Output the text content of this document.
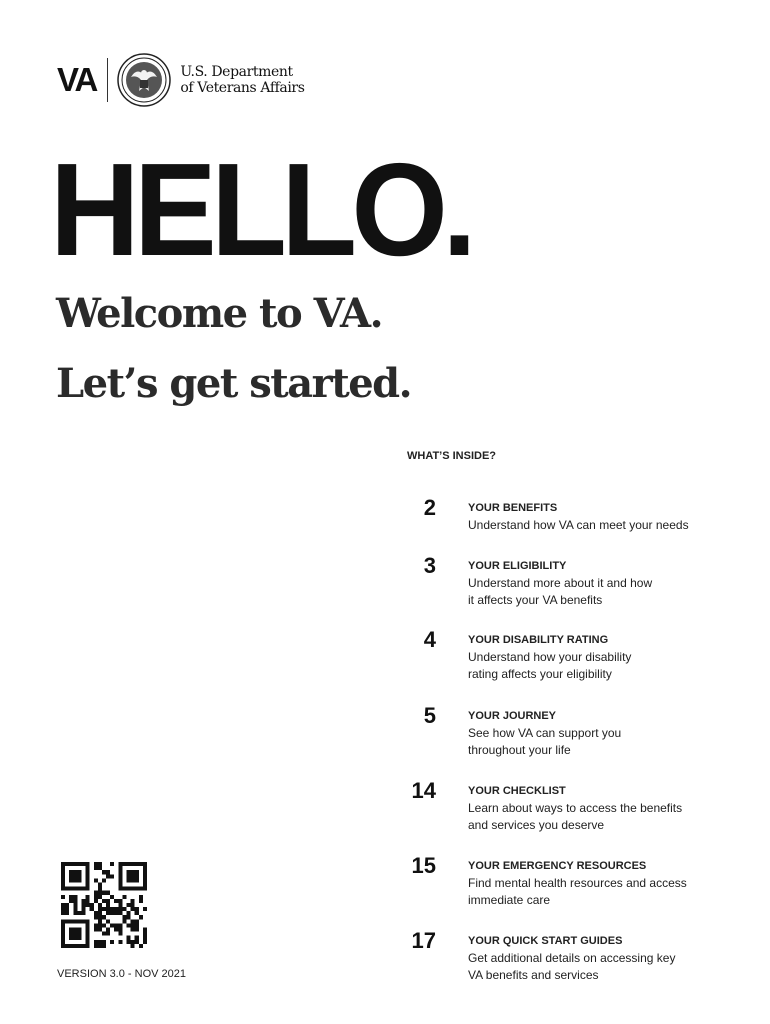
VA	U.S. Department
of Veterans Affairs
HELLO.
Welcome to VA.
Let’s get started.
WHAT’S INSIDE?
2	YOUR BENEFITS
Understand how VA can meet your needs
3	YOUR ELIGIBILITY
Understand more about it and how
it affects your VA benefits
4	YOUR DISABILITY RATING
Understand how your disability
rating affects your eligibility
5	YOUR JOURNEY
See how VA can support you
throughout your life
14	YOUR CHECKLIST
Learn about ways to access the benefits
and services you deserve
15	YOUR EMERGENCY RESOURCES
Find mental health resources and access
immediate care
17	YOUR QUICK START GUIDES
Get additional details on accessing key
VA benefits and services
VERSION 3.0 - NOV 2021
